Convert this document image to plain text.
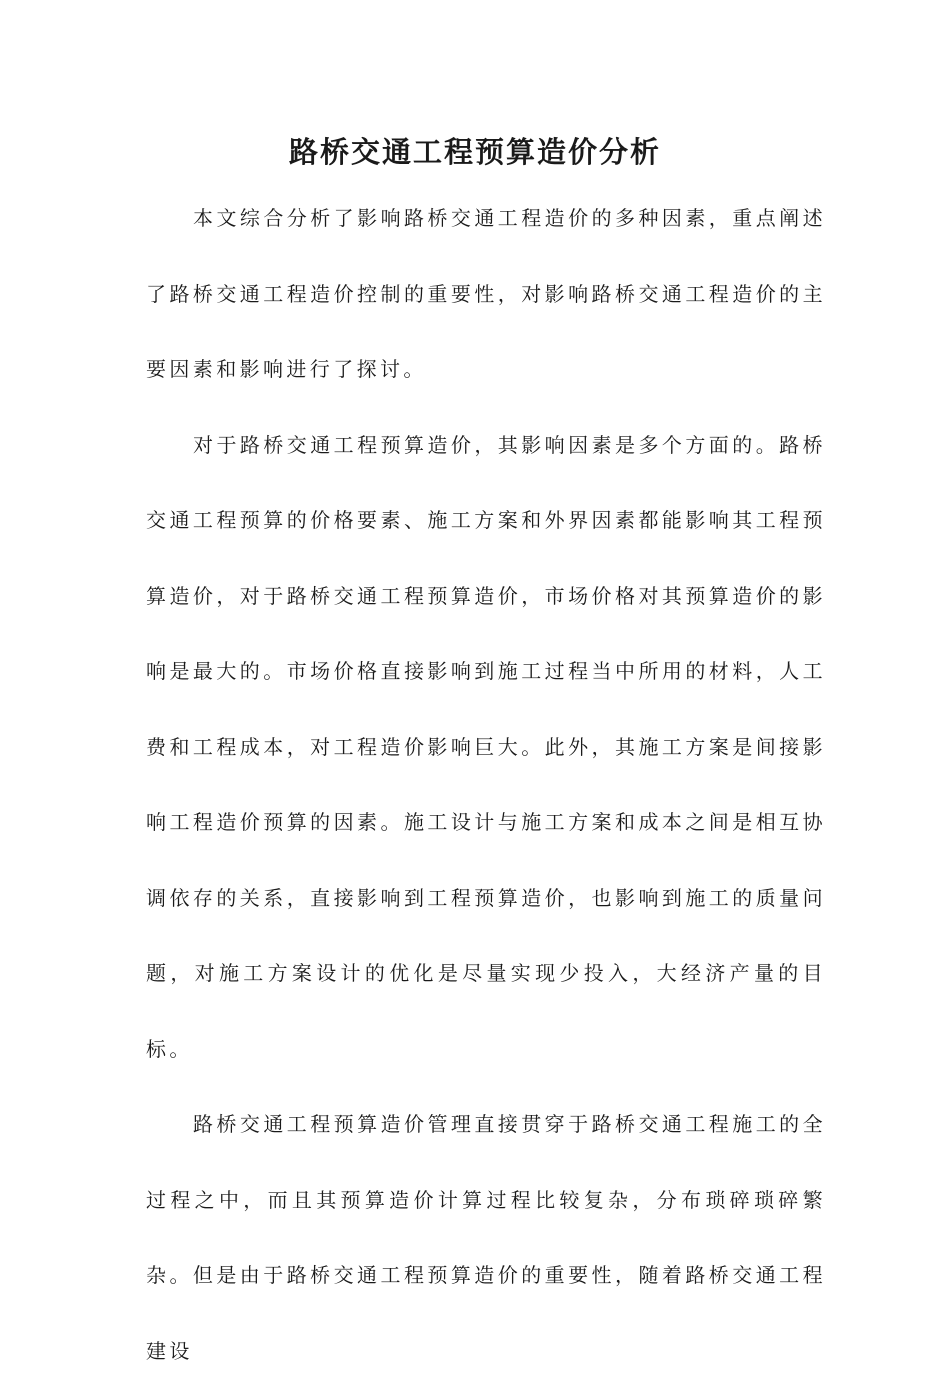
路桥交通工程预算造价分析

本文综合分析了影响路桥交通工程造价的多种因素，重点阐述了路桥交通工程造价控制的重要性，对影响路桥交通工程造价的主要因素和影响进行了探讨。

对于路桥交通工程预算造价，其影响因素是多个方面的。路桥交通工程预算的价格要素、施工方案和外界因素都能影响其工程预算造价，对于路桥交通工程预算造价，市场价格对其预算造价的影响是最大的。市场价格直接影响到施工过程当中所用的材料，人工费和工程成本，对工程造价影响巨大。此外，其施工方案是间接影响工程造价预算的因素。施工设计与施工方案和成本之间是相互协调依存的关系，直接影响到工程预算造价，也影响到施工的质量问题，对施工方案设计的优化是尽量实现少投入，大经济产量的目标。

路桥交通工程预算造价管理直接贯穿于路桥交通工程施工的全过程之中，而且其预算造价计算过程比较复杂，分布琐碎琐碎繁杂。但是由于路桥交通工程预算造价的重要性，随着路桥交通工程建设
